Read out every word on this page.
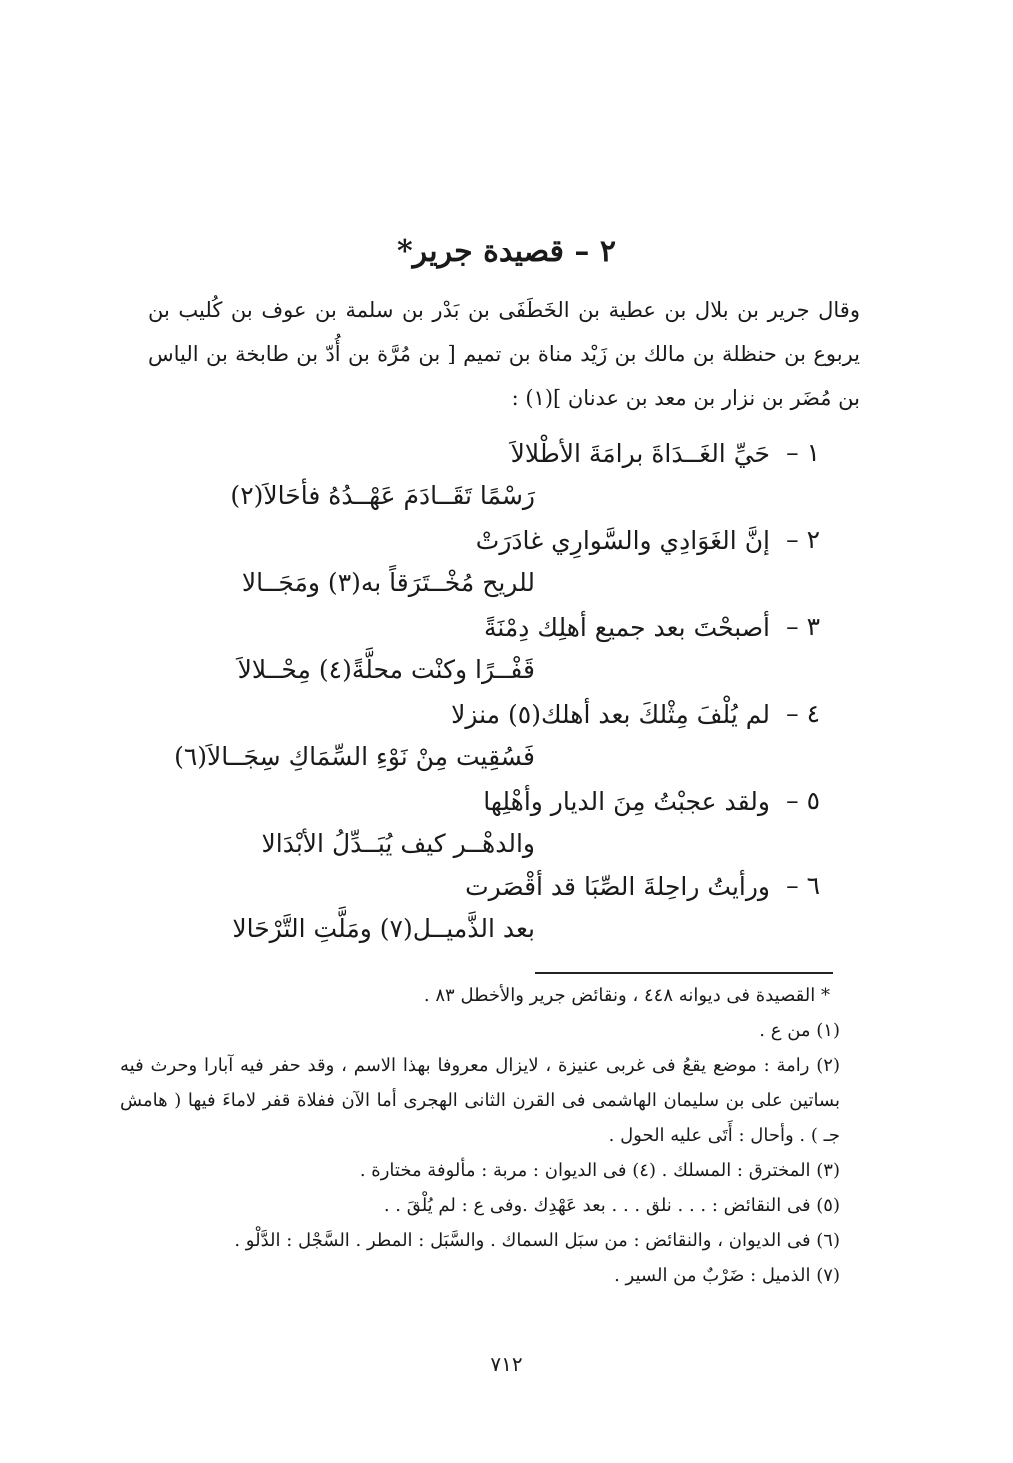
٢ – قصيدة جرير*
وقال جرير بن بلال بن عطية بن الخَطَفَى بن بَدْر بن سلمة بن عوف بن كُليب بن يربوع بن حنظلة بن مالك بن زَيْد مناة بن تميم [ بن مُرَّة بن أُدّ بن طابخة بن الياس بن مُضَر بن نزار بن معد بن عدنان ](١) :
١ –
حَيِّ الغَــدَاةَ برامَةَ الأطْلالاَ
رَسْمًا تَقَــادَمَ عَهْــدُهُ فأحَالاَ(٢)
٢ –
إنَّ الغَوَادِي والسَّوارِي غادَرَتْ
للريح مُخْــتَرَقاً به(٣) ومَجَــالا
٣ –
أصبحْتَ بعد جميع أهلِك دِمْنَةً
قَفْــرًا وكنْت محلَّةً(٤) مِحْــلالاَ
٤ –
لم يُلْفَ مِثْلكَ بعد أهلك(٥) منزلا
فَسُقِيت مِنْ نَوْءِ السِّمَاكِ سِجَــالاَ(٦)
٥ –
ولقد عجبْتُ مِنَ الديار وأهْلِها
والدهْــر كيف يُبَــدِّلُ الأبْدَالا
٦ –
ورأيتُ راحِلةَ الصِّبَا قد أقْصَرت
بعد الذَّميــل(٧) ومَلَّتِ التَّرْحَالا
* القصيدة فى ديوانه ٤٤٨ ، ونقائض جرير والأخطل ٨٣ .
(١) من ع .
(٢) رامة : موضع يقعُ فى غربى عنيزة ، لايزال معروفا بهذا الاسم ، وقد حفر فيه آبارا وحرث فيه بساتين على بن سليمان الهاشمى فى القرن الثانى الهجرى أما الآن ففلاة قفر لاماءَ فيها ( هامش جـ ) . وأحال : أَتَى عليه الحول .
(٣) المخترق : المسلك . (٤) فى الديوان : مربة : مألوفة مختارة .
(٥) فى النقائض : . . . نلق . . . بعد عَهْدِك .وفى ع : لم يُلْقَ . .
(٦) فى الديوان ، والنقائض : من سبَل السماك . والسَّبَل : المطر . السَّجْل : الدَّلْو .
(٧) الذميل : ضَرْبٌ من السير .
٧١٢
